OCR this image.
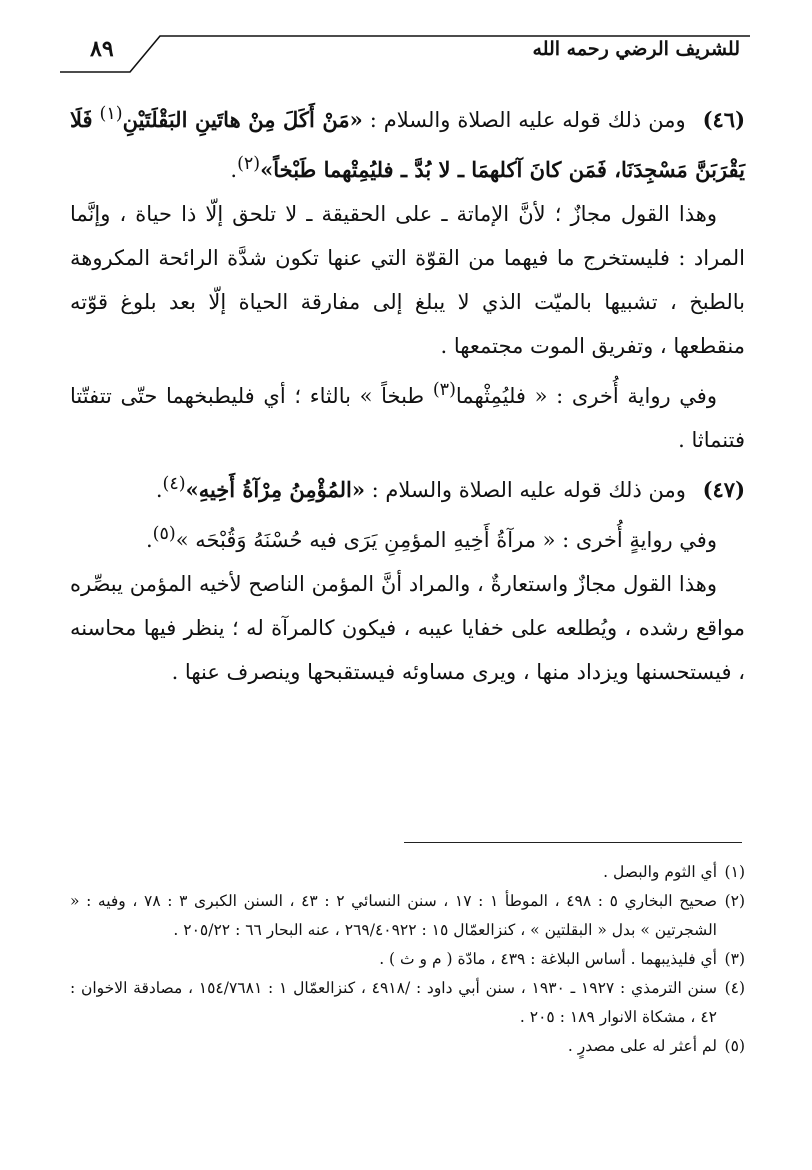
للشريف الرضي رحمه الله
٨٩

(٤٦) ومن ذلك قوله عليه الصلاة والسلام : «مَنْ أَكَلَ مِنْ هاتَينِ البَقْلَتَيْنِ$^{(١)}$ فَلَا يَقْرَبَنَّ مَسْجِدَنَا، فَمَن كانَ آكلهمَا ـ لا بُدَّ ـ فليُمِتْهما طَبْخاً»$^{(٢)}$.

وهذا القول مجازٌ ؛ لأنَّ الإماتة ـ على الحقيقة ـ لا تلحق إلّا ذا حياة ، وإنَّما المراد : فليستخرج ما فيهما من القوّة التي عنها تكون شدَّة الرائحة المكروهة بالطبخ ، تشبيها بالميّت الذي لا يبلغ إلى مفارقة الحياة إلّا بعد بلوغ قوّته منقطعها ، وتفريق الموت مجتمعها .

وفي رواية أُخرى : « فليُمِثْهما$^{(٣)}$ طبخاً » بالثاء ؛ أي فليطبخهما حتّى تتفتّتا فتنماثا .

(٤٧) ومن ذلك قوله عليه الصلاة والسلام : «المُؤْمِنُ مِرْآةُ أَخِيهِ»$^{(٤)}$.

وفي روايةٍ أُخرى : « مرآةُ أَخِيهِ المؤمِنِ يَرَى فيه حُسْنَهُ وَقُبْحَه »$^{(٥)}$.

وهذا القول مجازٌ واستعارةٌ ، والمراد أنَّ المؤمن الناصح لأخيه المؤمن يبصِّره مواقع رشده ، ويُطلعه على خفايا عيبه ، فيكون كالمرآة له ؛ ينظر فيها محاسنه ، فيستحسنها ويزداد منها ، ويرى مساوئه فيستقبحها وينصرف عنها .

(١)أي الثوم والبصل .

(٢)صحيح البخاري ٥ : ٤٩٨ ، الموطأ ١ : ١٧ ، سنن النسائي ٢ : ٤٣ ، السنن الكبرى ٣ : ٧٨ ، وفيه : « الشجرتين » بدل « البقلتين » ، كنزالعمّال ١٥ : ٢٦٩/٤٠٩٢٢ ، عنه البحار ٦٦ : ٢٠٥/٢٢ .

(٣)أي فليذيبهما . أساس البلاغة : ٤٣٩ ، مادّة ( م و ث ) .

(٤)سنن الترمذي : ١٩٢٧ ـ ١٩٣٠ ، سنن أبي داود : /٤٩١٨ ، كنزالعمّال ١ : ١٥٤/٧٦٨١ ، مصادقة الاخوان : ٤٢ ، مشكاة الانوار ١٨٩ : ٢٠٥ .

(٥)لم أعثر له على مصدرٍ .
